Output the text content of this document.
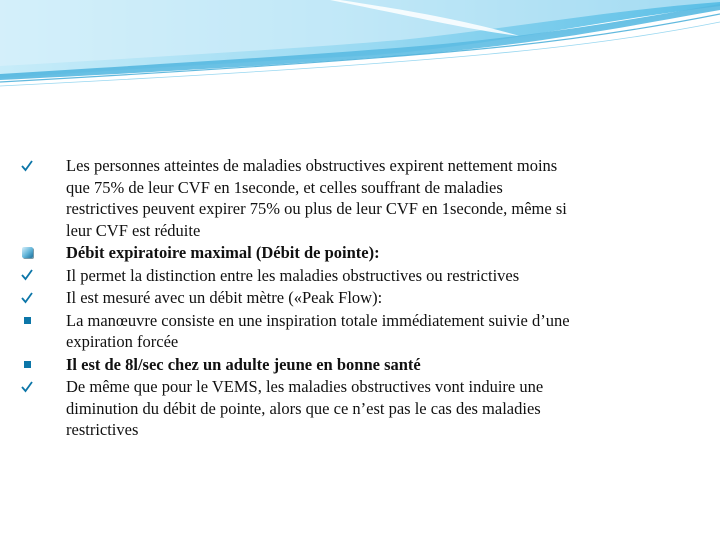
Les personnes atteintes de maladies obstructives expirent nettement moins
que 75% de leur CVF en 1seconde, et celles souffrant de maladies
restrictives peuvent expirer 75% ou plus de leur CVF en 1seconde, même si
leur CVF est réduite
Débit expiratoire maximal (Débit de pointe):
Il permet la distinction entre les maladies obstructives ou restrictives
Il est mesuré avec un débit mètre («Peak Flow):
La manœuvre consiste en une inspiration totale immédiatement suivie d’une
expiration forcée
Il est de 8l/sec chez un adulte jeune en bonne santé
De même que pour le VEMS, les maladies obstructives vont induire une
diminution du débit de pointe, alors que ce n’est pas le cas des maladies
restrictives
